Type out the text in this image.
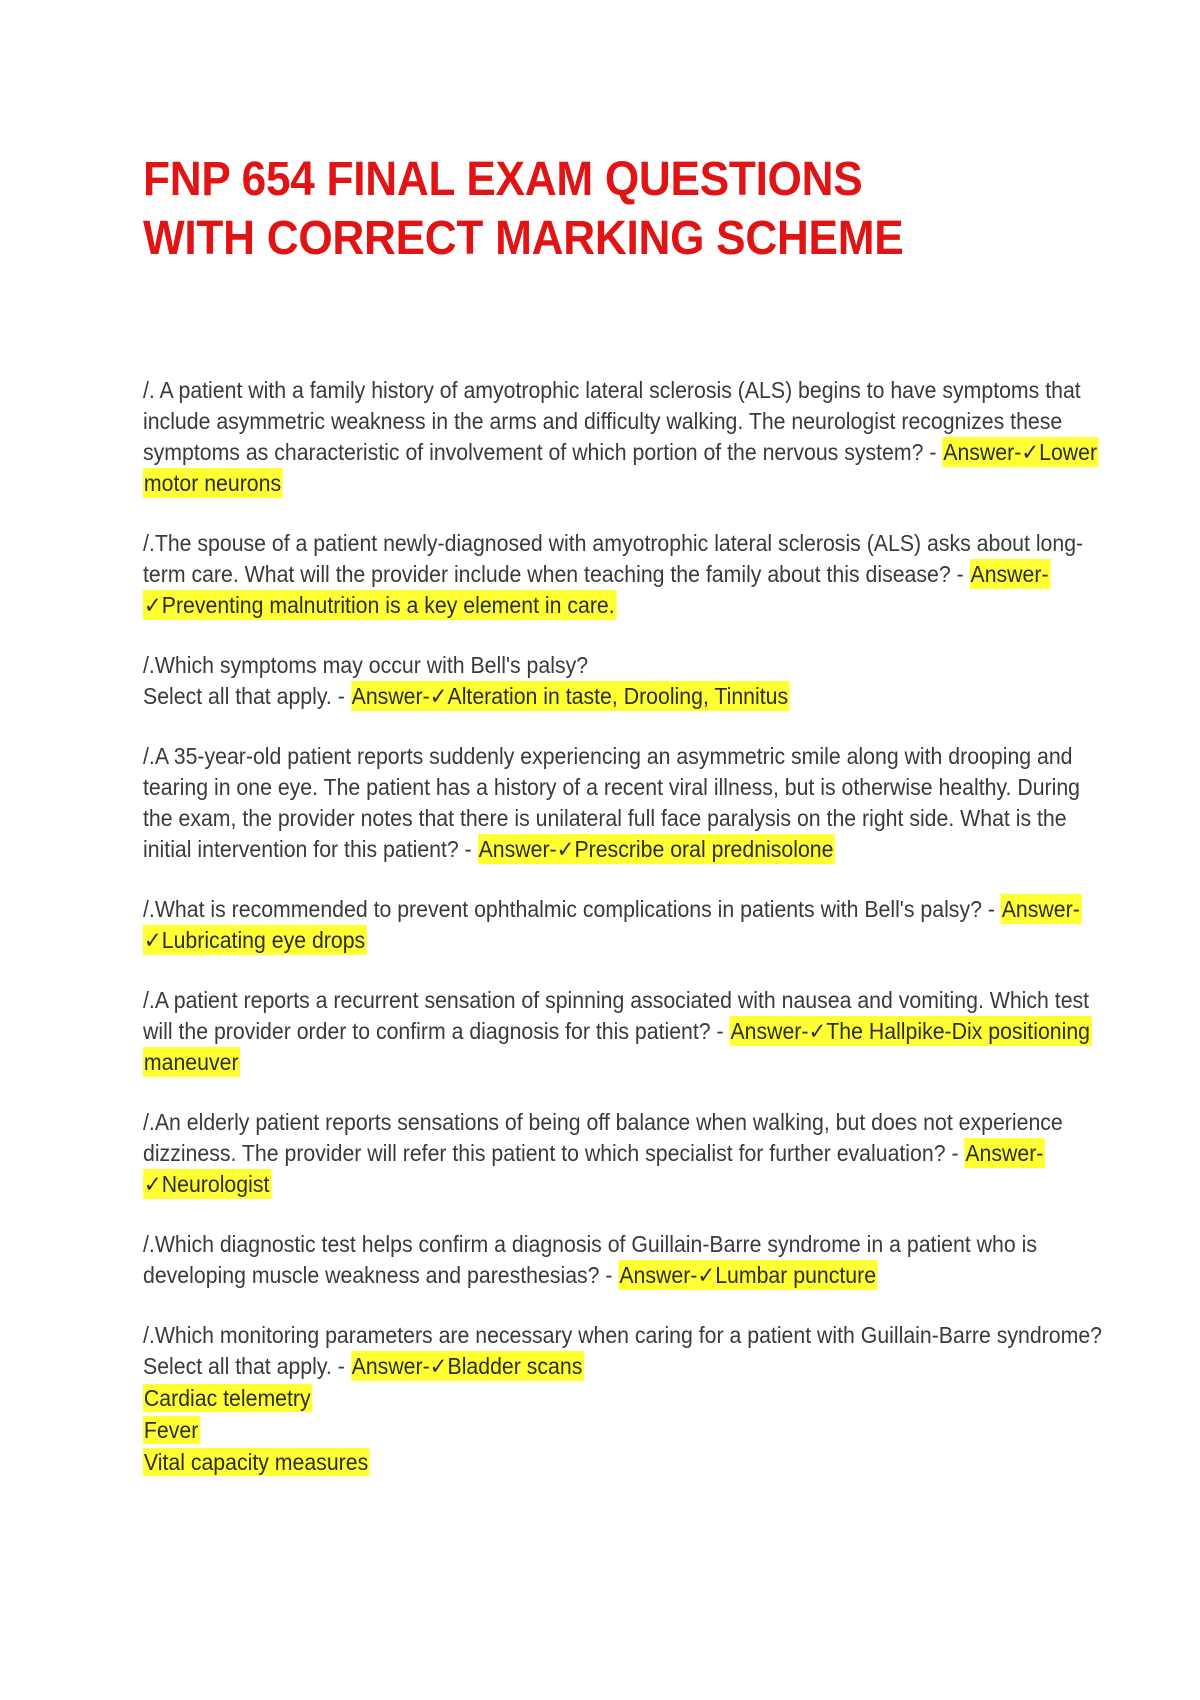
FNP 654 FINAL EXAM QUESTIONS
WITH CORRECT MARKING SCHEME
/. A patient with a family history of amyotrophic lateral sclerosis (ALS) begins to have symptoms that include asymmetric weakness in the arms and difficulty walking. The neurologist recognizes these symptoms as characteristic of involvement of which portion of the nervous system? - Answer-✓Lower motor neurons
/.The spouse of a patient newly-diagnosed with amyotrophic lateral sclerosis (ALS) asks about long-term care. What will the provider include when teaching the family about this disease? - Answer-✓Preventing malnutrition is a key element in care.
/.Which symptoms may occur with Bell's palsy?
Select all that apply. - Answer-✓Alteration in taste, Drooling, Tinnitus
/.A 35-year-old patient reports suddenly experiencing an asymmetric smile along with drooping and tearing in one eye. The patient has a history of a recent viral illness, but is otherwise healthy. During the exam, the provider notes that there is unilateral full face paralysis on the right side. What is the initial intervention for this patient? - Answer-✓Prescribe oral prednisolone
/.What is recommended to prevent ophthalmic complications in patients with Bell's palsy? - Answer-✓Lubricating eye drops
/.A patient reports a recurrent sensation of spinning associated with nausea and vomiting. Which test will the provider order to confirm a diagnosis for this patient? - Answer-✓The Hallpike-Dix positioning maneuver
/.An elderly patient reports sensations of being off balance when walking, but does not experience dizziness. The provider will refer this patient to which specialist for further evaluation? - Answer-✓Neurologist
/.Which diagnostic test helps confirm a diagnosis of Guillain-Barre syndrome in a patient who is developing muscle weakness and paresthesias? - Answer-✓Lumbar puncture
/.Which monitoring parameters are necessary when caring for a patient with Guillain-Barre syndrome?
Select all that apply. - Answer-✓Bladder scans
Cardiac telemetry
Fever
Vital capacity measures
